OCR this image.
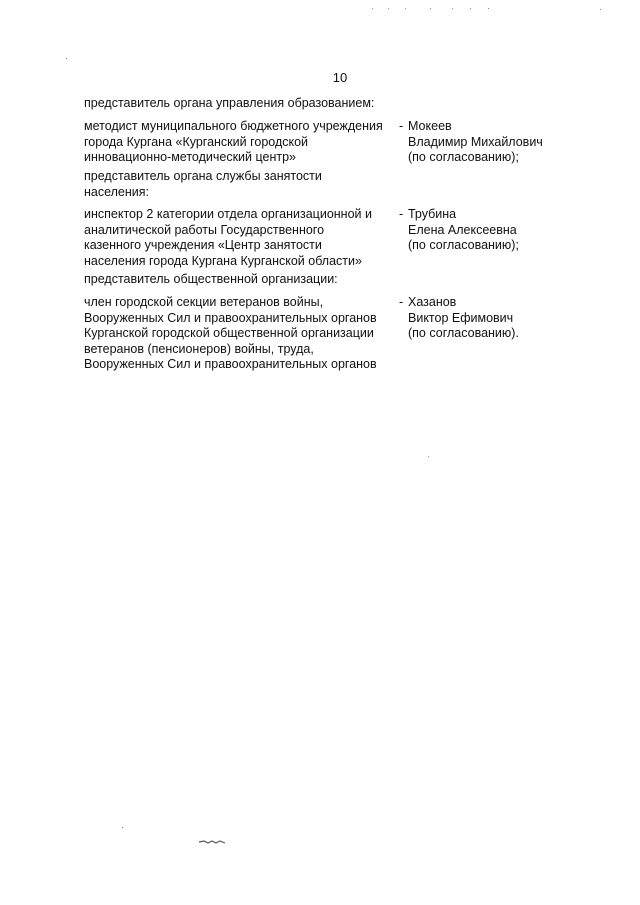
10
представитель органа управления образованием:
методист муниципального бюджетного учреждения
города Кургана «Курганский городской
инновационно-методический центр»
- Мокеев
Владимир Михайлович
(по согласованию);
представитель органа службы занятости
населения:
инспектор 2 категории отдела организационной и
аналитической работы Государственного
казенного учреждения «Центр занятости
населения города Кургана Курганской области»
- Трубина
Елена Алексеевна
(по согласованию);
представитель общественной организации:
член городской секции ветеранов войны,
Вооруженных Сил и правоохранительных органов
Курганской городской общественной организации
ветеранов (пенсионеров) войны, труда,
Вооруженных Сил и правоохранительных органов
- Хазанов
Виктор Ефимович
(по согласованию).
